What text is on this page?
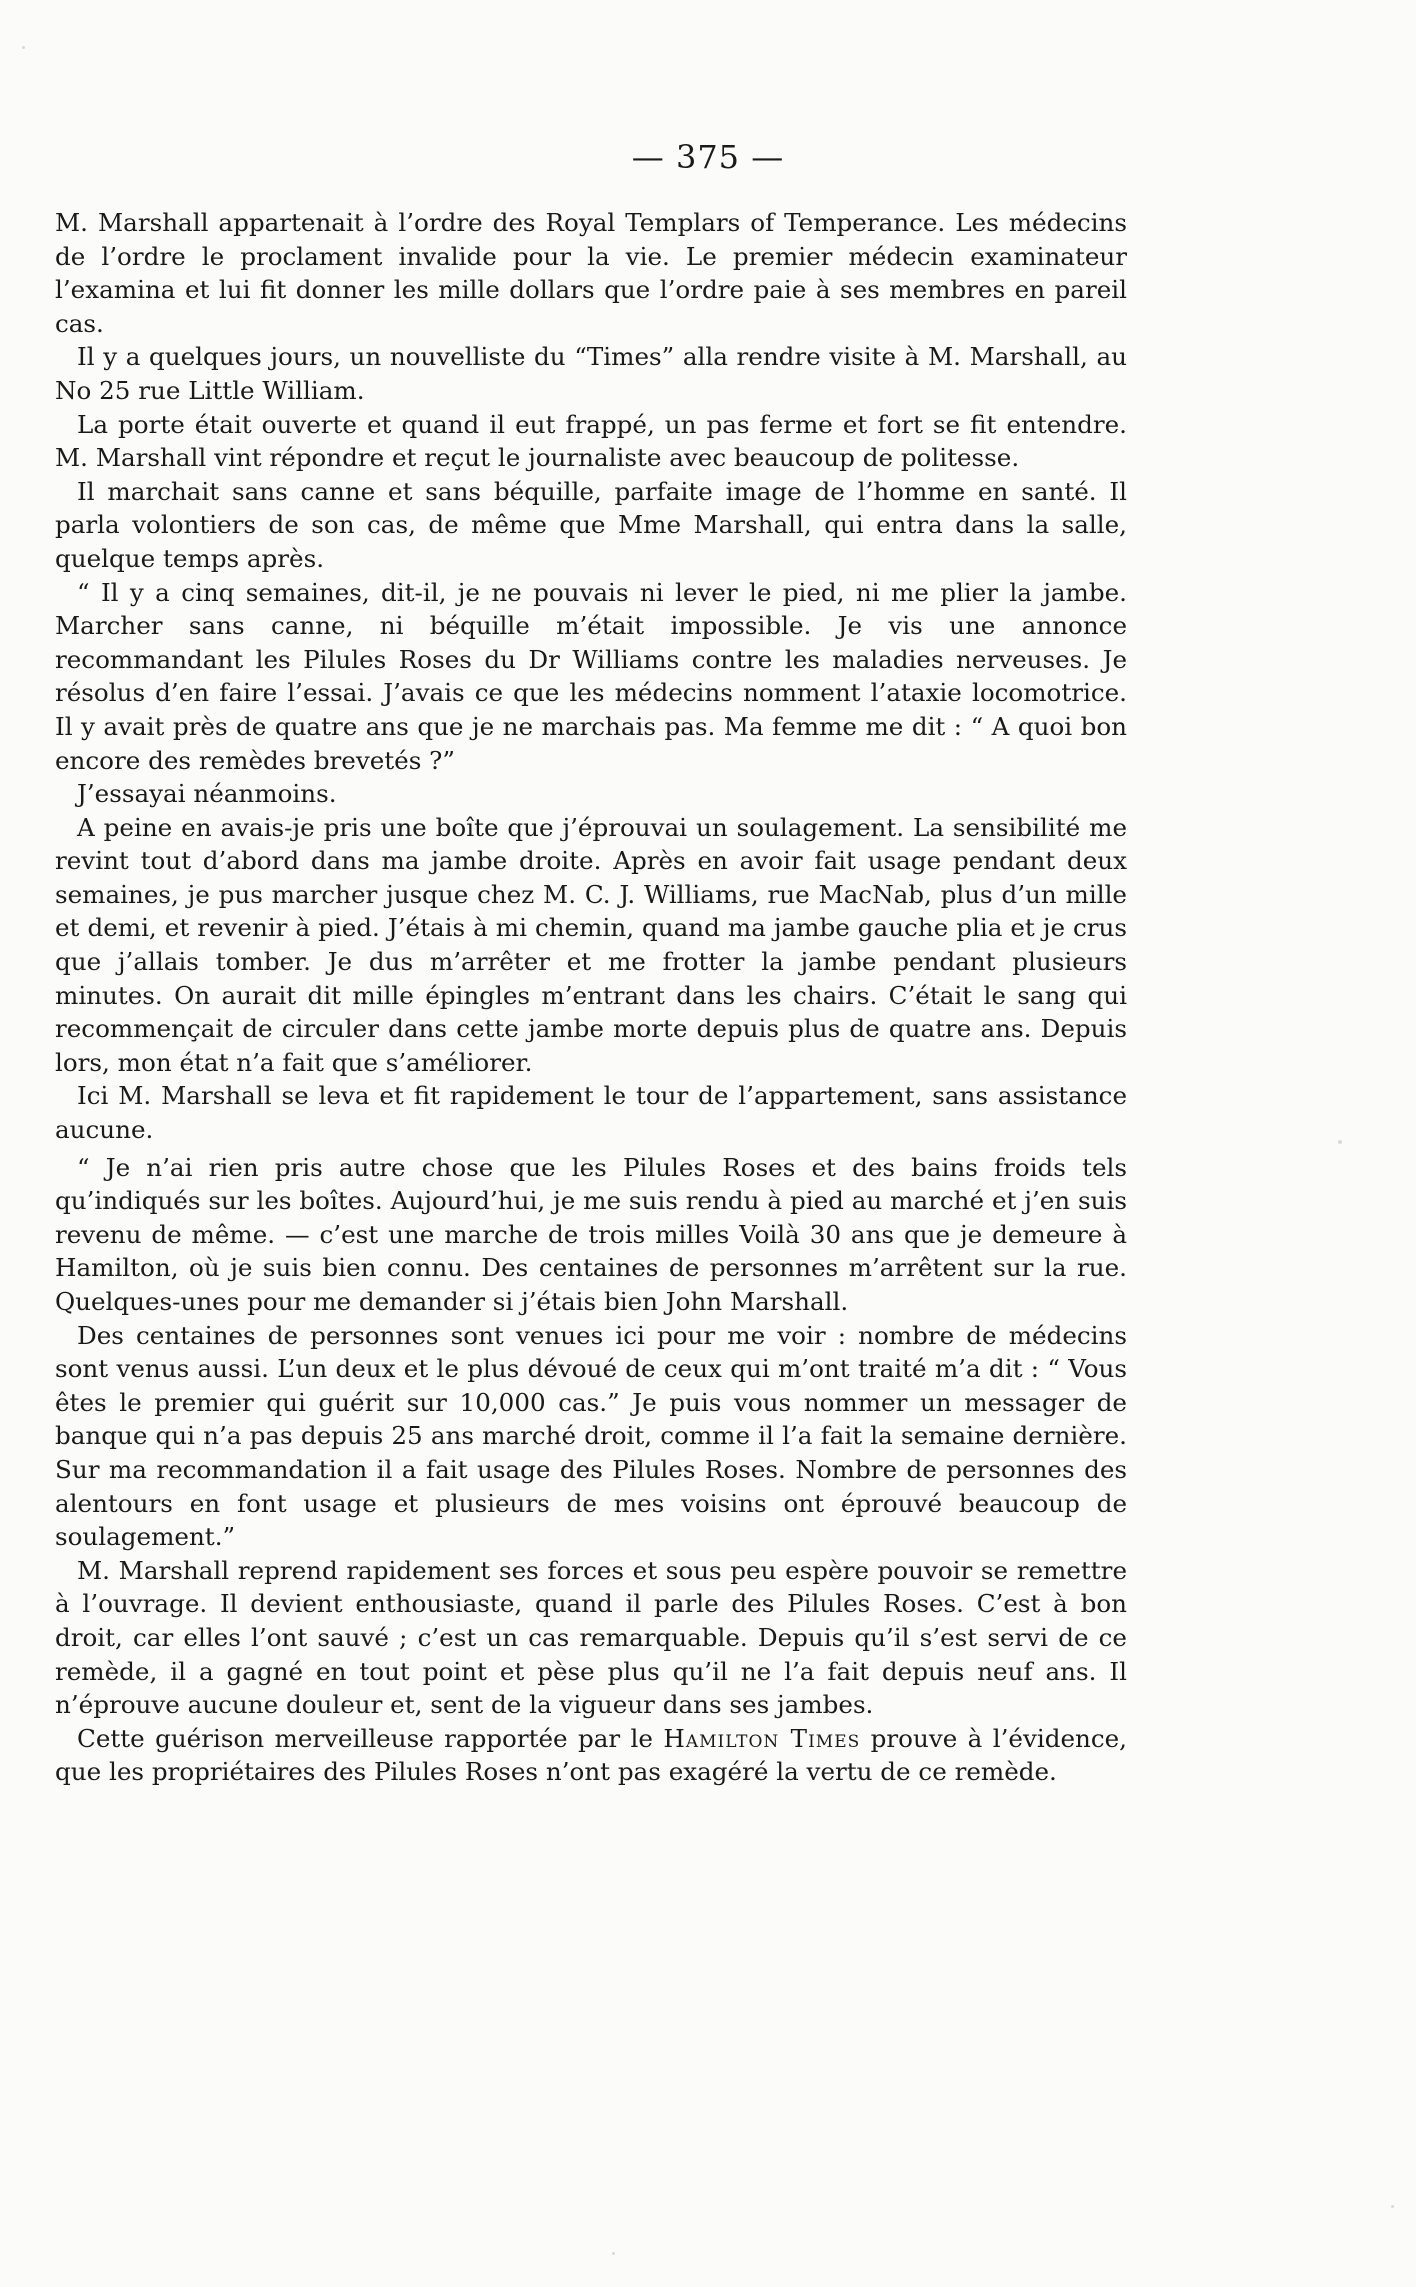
— 375 —

M. Marshall appartenait à l’ordre des Royal Templars of Temperance. Les médecins de l’ordre le proclament invalide pour la vie. Le premier médecin examinateur l’examina et lui fit donner les mille dollars que l’ordre paie à ses membres en pareil cas.

Il y a quelques jours, un nouvelliste du “Times” alla rendre visite à M. Marshall, au No 25 rue Little William.

La porte était ouverte et quand il eut frappé, un pas ferme et fort se fit entendre. M. Marshall vint répondre et reçut le journaliste avec beaucoup de politesse.

Il marchait sans canne et sans béquille, parfaite image de l’homme en santé. Il parla volontiers de son cas, de même que Mme Marshall, qui entra dans la salle, quelque temps après.

“ Il y a cinq semaines, dit-il, je ne pouvais ni lever le pied, ni me plier la jambe. Marcher sans canne, ni béquille m’était impossible. Je vis une annonce recommandant les Pilules Roses du Dr Williams contre les maladies nerveuses. Je résolus d’en faire l’essai. J’avais ce que les médecins nomment l’ataxie locomotrice. Il y avait près de quatre ans que je ne marchais pas. Ma femme me dit : “ A quoi bon encore des remèdes brevetés ?”

J’essayai néanmoins.

A peine en avais-je pris une boîte que j’éprouvai un soulagement. La sensibilité me revint tout d’abord dans ma jambe droite. Après en avoir fait usage pendant deux semaines, je pus marcher jusque chez M. C. J. Williams, rue MacNab, plus d’un mille et demi, et revenir à pied. J’étais à mi chemin, quand ma jambe gauche plia et je crus que j’allais tomber. Je dus m’arrêter et me frotter la jambe pendant plusieurs minutes. On aurait dit mille épingles m’entrant dans les chairs. C’était le sang qui recommençait de circuler dans cette jambe morte depuis plus de quatre ans. Depuis lors, mon état n’a fait que s’améliorer.

Ici M. Marshall se leva et fit rapidement le tour de l’appartement, sans assistance aucune.

“ Je n’ai rien pris autre chose que les Pilules Roses et des bains froids tels qu’indiqués sur les boîtes. Aujourd’hui, je me suis rendu à pied au marché et j’en suis revenu de même. — c’est une marche de trois milles Voilà 30 ans que je demeure à Hamilton, où je suis bien connu. Des centaines de personnes m’arrêtent sur la rue. Quelques-unes pour me demander si j’étais bien John Marshall.

Des centaines de personnes sont venues ici pour me voir : nombre de médecins sont venus aussi. L’un deux et le plus dévoué de ceux qui m’ont traité m’a dit : “ Vous êtes le premier qui guérit sur 10,000 cas.” Je puis vous nommer un messager de banque qui n’a pas depuis 25 ans marché droit, comme il l’a fait la semaine dernière. Sur ma recommandation il a fait usage des Pilules Roses. Nombre de personnes des alentours en font usage et plusieurs de mes voisins ont éprouvé beaucoup de soulagement.”

M. Marshall reprend rapidement ses forces et sous peu espère pouvoir se remettre à l’ouvrage. Il devient enthousiaste, quand il parle des Pilules Roses. C’est à bon droit, car elles l’ont sauvé ; c’est un cas remarquable. Depuis qu’il s’est servi de ce remède, il a gagné en tout point et pèse plus qu’il ne l’a fait depuis neuf ans. Il n’éprouve aucune douleur et, sent de la vigueur dans ses jambes.

Cette guérison merveilleuse rapportée par le Hamilton Times prouve à l’évidence, que les propriétaires des Pilules Roses n’ont pas exagéré la vertu de ce remède.
